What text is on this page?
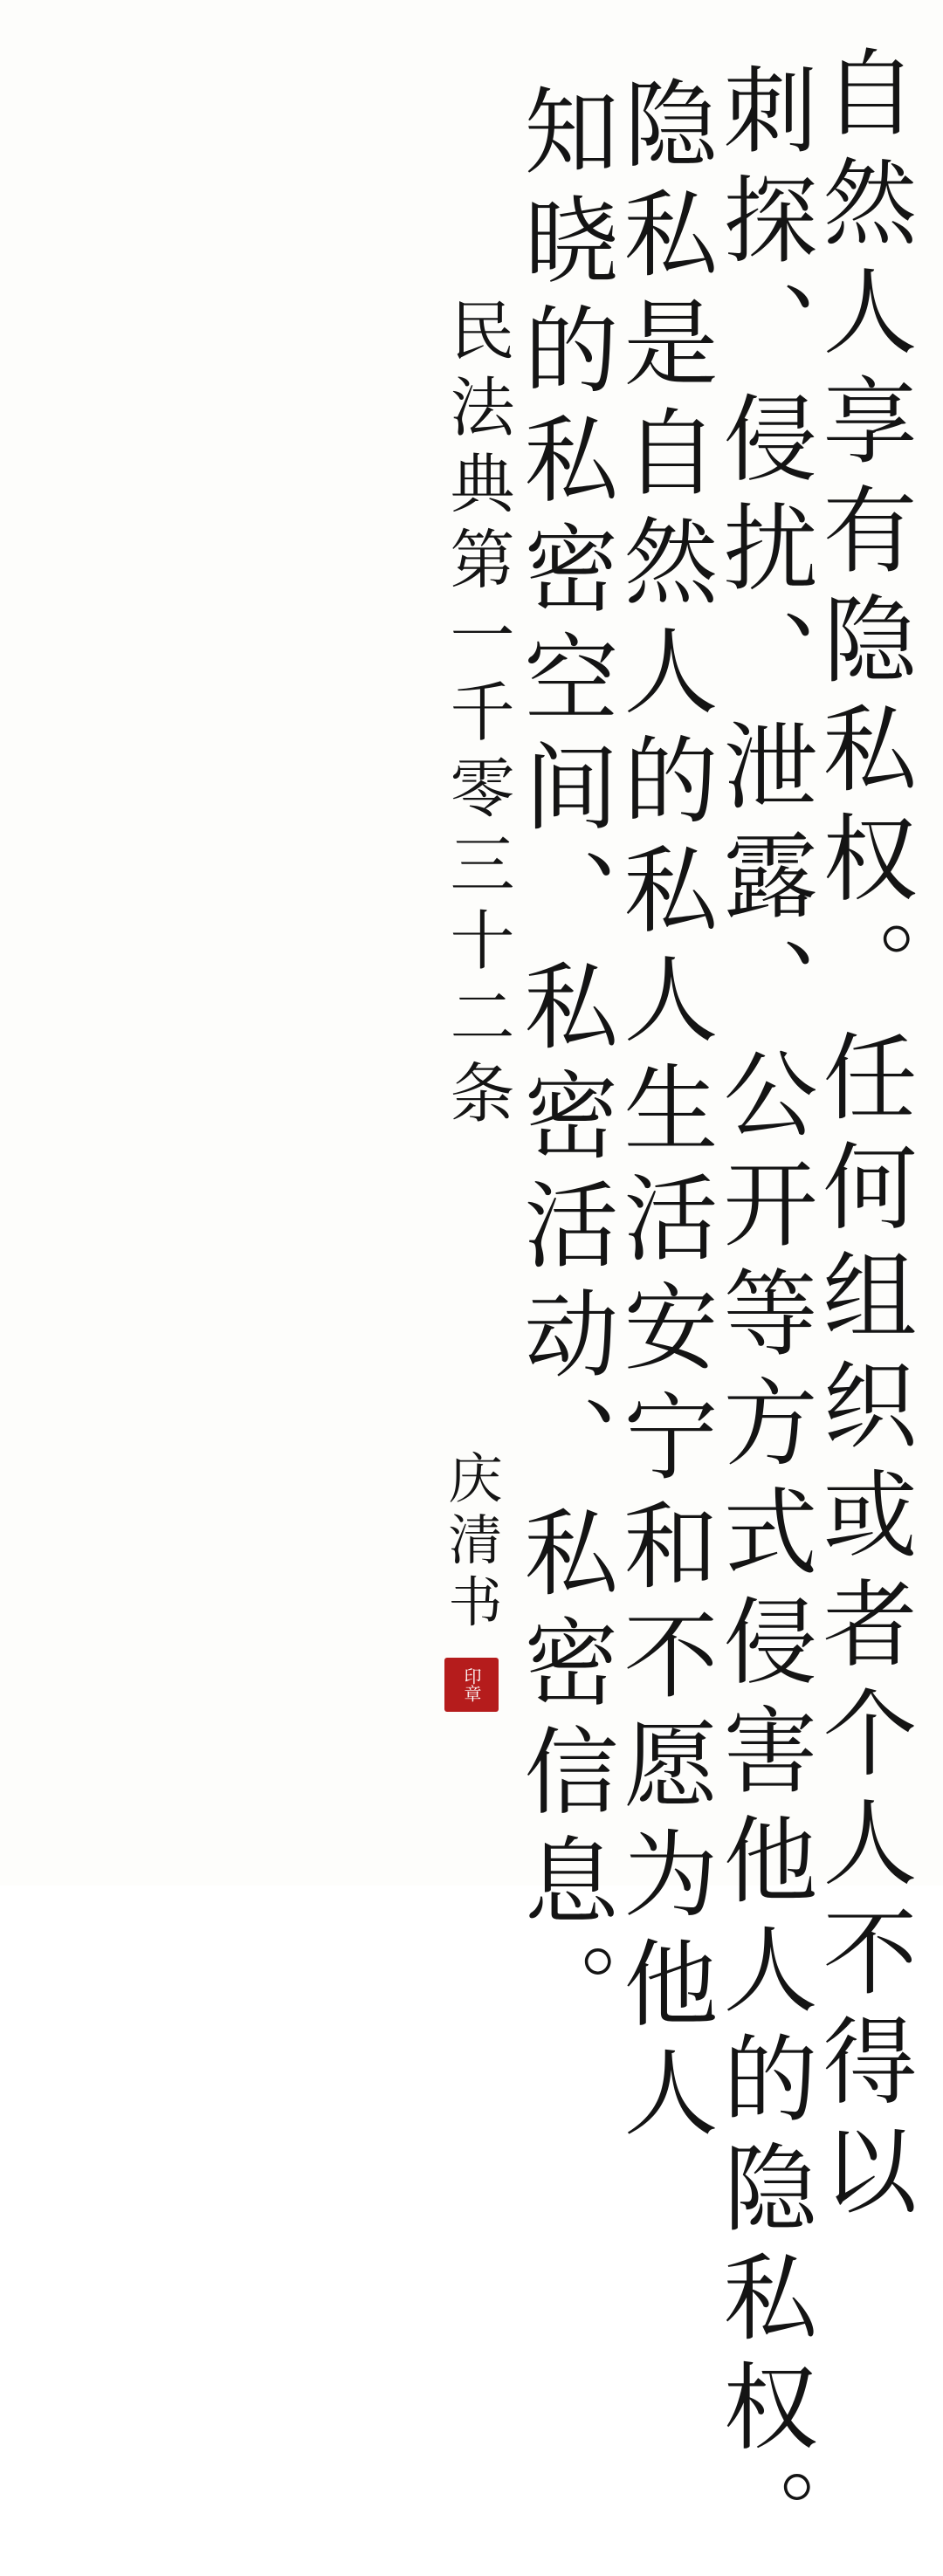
自然人享有隐私权。任何组织或者个人不得以
刺探、侵扰、泄露、公开等方式侵害他人的隐私权。
隐私是自然人的私人生活安宁和不愿为他人
知晓的私密空间、私密活动、私密信息。
民法典第一千零三十二条
庆清书
印章
